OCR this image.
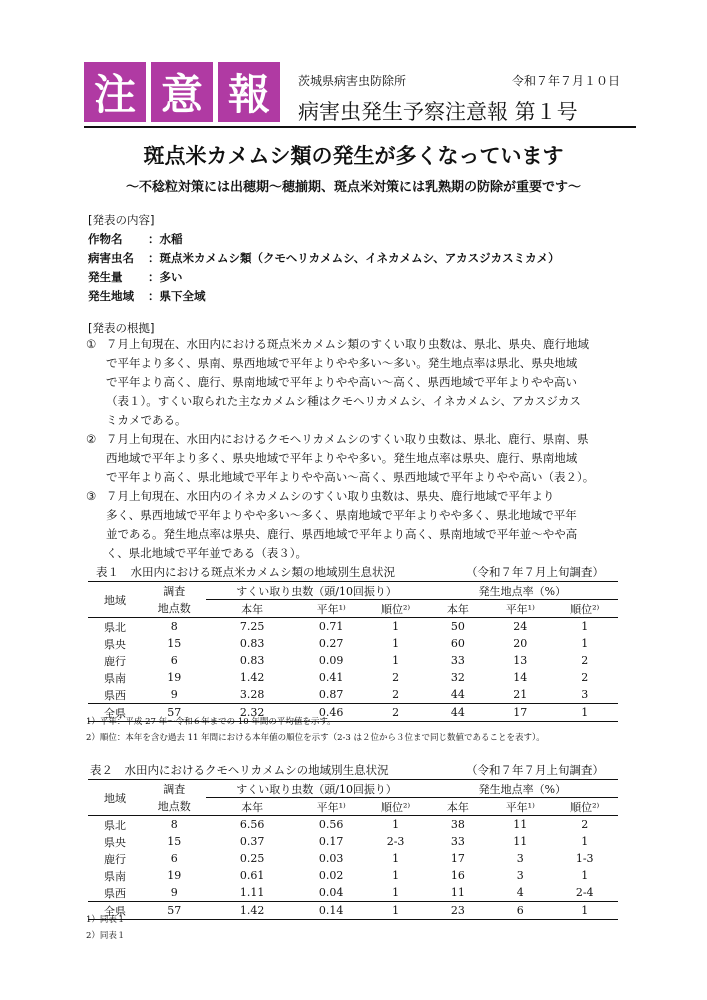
注 意 報	茨城県病害虫防除所	令和７年７月１０日
病害虫発生予察注意報 第１号
斑点米カメムシ類の発生が多くなっています
～不稔粒対策には出穂期～穂揃期、斑点米対策には乳熟期の防除が重要です～
[発表の内容]
作物名 ：水稲
病害虫名 ：斑点米カメムシ類（クモヘリカメムシ、イネカメムシ、アカスジカスミカメ）
発生量 ：多い
発生地域 ：県下全域
[発表の根拠]
① ７月上旬現在、水田内における斑点米カメムシ類のすくい取り虫数は、県北、県央、鹿行地域
で平年より多く、県南、県西地域で平年よりやや多い～多い。発生地点率は県北、県央地域
で平年より高く、鹿行、県南地域で平年よりやや高い～高く、県西地域で平年よりやや高い
（表１）。すくい取られた主なカメムシ種はクモヘリカメムシ、イネカメムシ、アカスジカス
ミカメである。
② ７月上旬現在、水田内におけるクモヘリカメムシのすくい取り虫数は、県北、鹿行、県南、県
西地域で平年より多く、県央地域で平年よりやや多い。発生地点率は県央、鹿行、県南地域
で平年より高く、県北地域で平年よりやや高い～高く、県西地域で平年よりやや高い（表２）。
③ ７月上旬現在、水田内のイネカメムシのすくい取り虫数は、県央、鹿行地域で平年より
多く、県西地域で平年よりやや多い～多く、県南地域で平年よりやや多く、県北地域で平年
並である。発生地点率は県央、鹿行、県西地域で平年より高く、県南地域で平年並～やや高
く、県北地域で平年並である（表３）。
表１　水田内における斑点米カメムシ類の地域別生息状況	（令和７年７月上旬調査）
地域	調査	すくい取り虫数（頭/10回振り）			発生地点率（%）		
	地点数	本年	平年¹⁾	順位²⁾	本年	平年¹⁾	順位²⁾
県北	8	7.25	0.71	1	50	24	1
県央	15	0.83	0.27	1	60	20	1
鹿行	6	0.83	0.09	1	33	13	2
県南	19	1.42	0.41	2	32	14	2
県西	9	3.28	0.87	2	44	21	3
全県	57	2.32	0.46	2	44	17	1
1）平年：平成 27 年～令和６年までの 10 年間の平均値を示す。
2）順位：本年を含む過去 11 年間における本年値の順位を示す（2-3 は２位から３位まで同じ数値であることを表す）。
表２　水田内におけるクモヘリカメムシの地域別生息状況	（令和７年７月上旬調査）
地域	調査	すくい取り虫数（頭/10回振り）			発生地点率（%）		
	地点数	本年	平年¹⁾	順位²⁾	本年	平年¹⁾	順位²⁾
県北	8	6.56	0.56	1	38	11	2
県央	15	0.37	0.17	2-3	33	11	1
鹿行	6	0.25	0.03	1	17	3	1-3
県南	19	0.61	0.02	1	16	3	1
県西	9	1.11	0.04	1	11	4	2-4
全県	57	1.42	0.14	1	23	6	1
1）同表１
2）同表１
